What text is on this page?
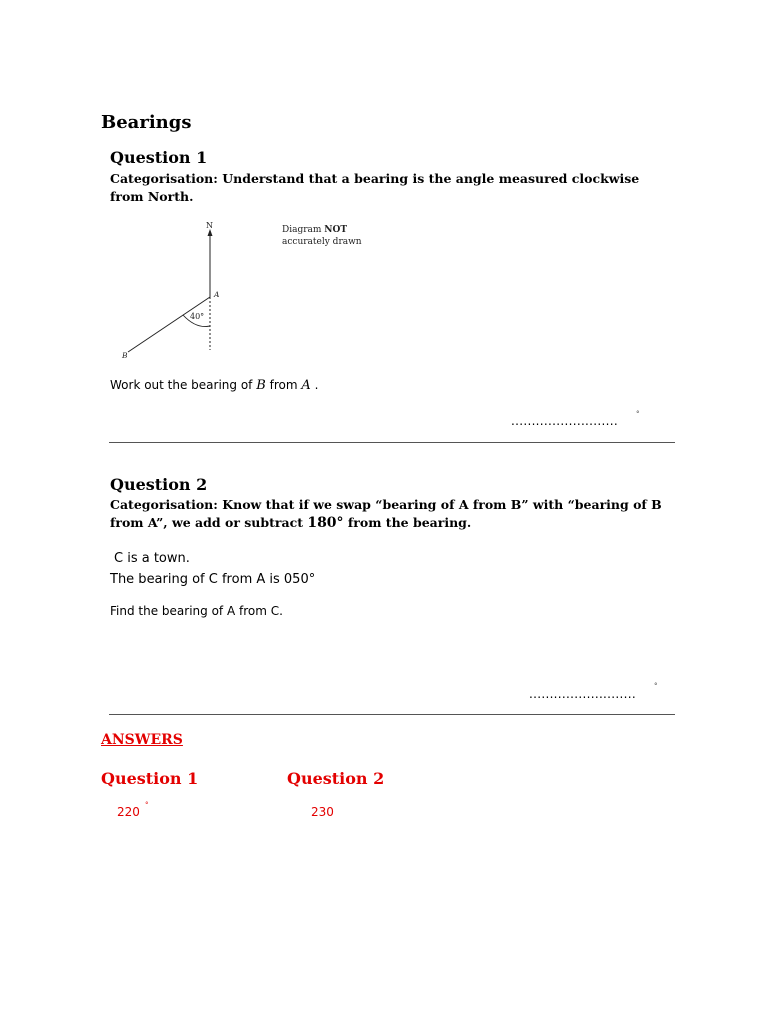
Bearings
Question 1
Categorisation: Understand that a bearing is the angle measured clockwise from North.
N
40°
A
B
Diagram NOT
accurately drawn
Work out the bearing of B from A .
..........................	°
Question 2
Categorisation: Know that if we swap “bearing of A from B” with “bearing of B from A”, we add or subtract 180° from the bearing.
C is a town.
The bearing of C from A is 050°
Find the bearing of A from C.
..........................
°
ANSWERS
Question 1
220 °
Question 2
230
